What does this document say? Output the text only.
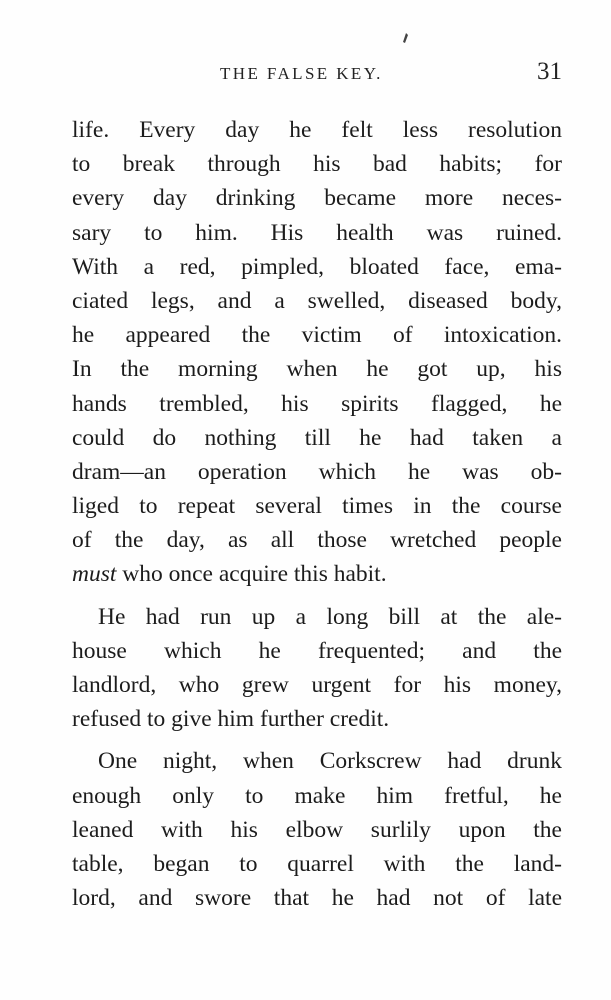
THE FALSE KEY.	31
life. Every day he felt less resolution
to break through his bad habits; for
every day drinking became more neces-
sary to him. His health was ruined.
With a red, pimpled, bloated face, ema-
ciated legs, and a swelled, diseased body,
he appeared the victim of intoxication.
In the morning when he got up, his
hands trembled, his spirits flagged, he
could do nothing till he had taken a
dram—an operation which he was ob-
liged to repeat several times in the course
of the day, as all those wretched people
must who once acquire this habit.
He had run up a long bill at the ale-
house which he frequented; and the
landlord, who grew urgent for his money,
refused to give him further credit.
One night, when Corkscrew had drunk
enough only to make him fretful, he
leaned with his elbow surlily upon the
table, began to quarrel with the land-
lord, and swore that he had not of late
